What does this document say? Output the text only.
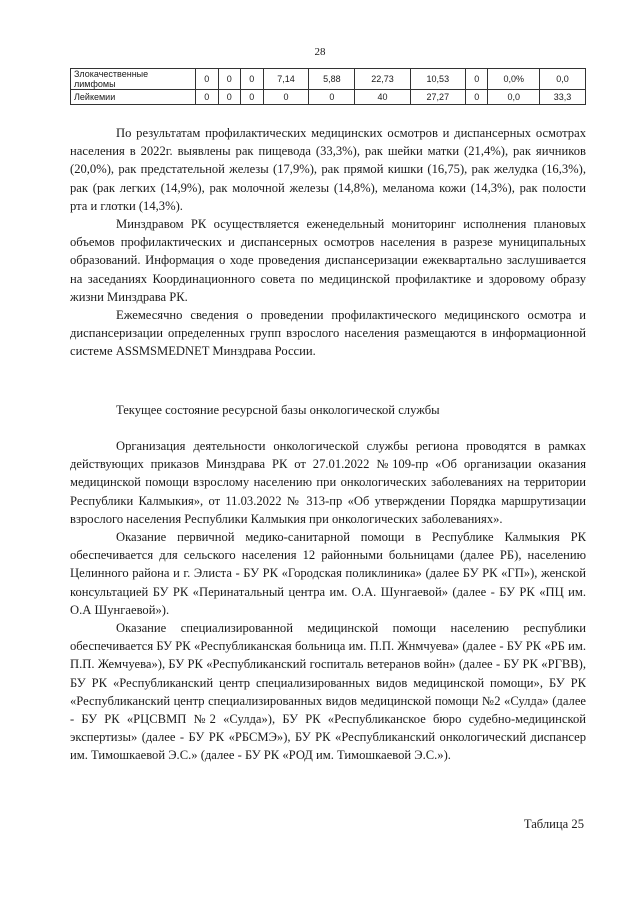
28
Злокачественные лимфомы	0	0	0	7,14	5,88	22,73	10,53	0	0,0%	0,0
Лейкемии	0	0	0	0	0	40	27,27	0	0,0	33,3

По результатам профилактических медицинских осмотров и диспансерных осмотрах населения в 2022г. выявлены рак пищевода (33,3%), рак шейки матки (21,4%), рак яичников (20,0%), рак предстательной железы (17,9%), рак прямой кишки (16,75), рак желудка (16,3%), рак (рак легких (14,9%), рак молочной железы (14,8%), меланома кожи (14,3%), рак полости рта и глотки (14,3%).

Минздравом РК осуществляется еженедельный мониторинг исполнения плановых объемов профилактических и диспансерных осмотров населения в разрезе муниципальных образований. Информация о ходе проведения диспансеризации ежеквартально заслушивается на заседаниях Координационного совета по медицинской профилактике и здоровому образу жизни Минздрава РК.

Ежемесячно сведения о проведении профилактического медицинского осмотра и диспансеризации определенных групп взрослого населения размещаются в информационной системе ASSMSMEDNET Минздрава России.

Текущее состояние ресурсной базы онкологической службы

Организация деятельности онкологической службы региона проводятся в рамках действующих приказов Минздрава РК от 27.01.2022 №109-пр «Об организации оказания медицинской помощи взрослому населению при онкологических заболеваниях на территории Республики Калмыкия», от 11.03.2022 № 313-пр «Об утверждении Порядка маршрутизации взрослого населения Республики Калмыкия при онкологических заболеваниях».

Оказание первичной медико-санитарной помощи в Республике Калмыкия РК обеспечивается для сельского населения 12 районными больницами (далее РБ), населению Целинного района и г. Элиста - БУ РК «Городская поликлиника» (далее БУ РК «ГП»), женской консультацией БУ РК «Перинатальный центра им. О.А. Шунгаевой» (далее - БУ РК «ПЦ им. О.А Шунгаевой»).

Оказание специализированной медицинской помощи населению республики обеспечивается БУ РК «Республиканская больница им. П.П. Жнмчуева» (далее - БУ РК «РБ им. П.П. Жемчуева»), БУ РК «Республиканский госпиталь ветеранов войн» (далее - БУ РК «РГВВ), БУ РК «Республиканский центр специализированных видов медицинской помощи», БУ РК «Республиканский центр специализированных видов медицинской помощи №2 «Сулда» (далее - БУ РК «РЦСВМП №2 «Сулда»), БУ РК «Республиканское бюро судебно-медицинской экспертизы» (далее - БУ РК «РБСМЭ»), БУ РК «Республиканский онкологический диспансер им. Тимошкаевой Э.С.» (далее - БУ РК «РОД им. Тимошкаевой Э.С.»).

Таблица 25
